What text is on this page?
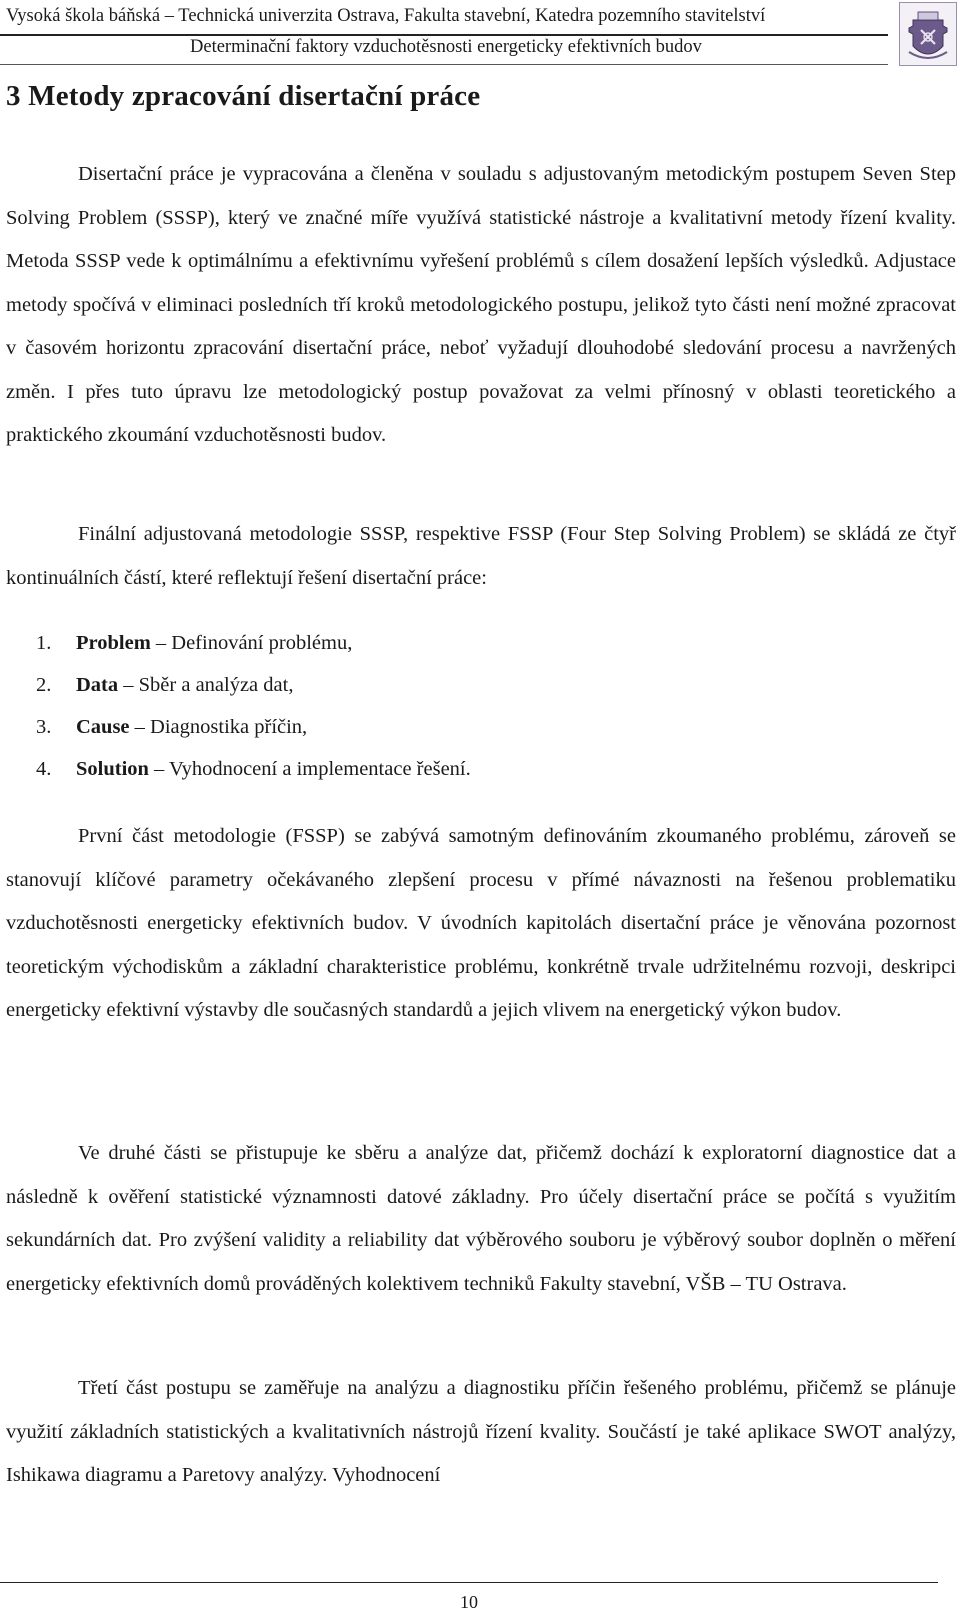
Vysoká škola báňská – Technická univerzita Ostrava, Fakulta stavební, Katedra pozemního stavitelství
Determinační faktory vzduchotěsnosti energeticky efektivních budov
3 Metody zpracování disertační práce

Disertační práce je vypracována a členěna v souladu s adjustovaným metodickým postupem Seven Step Solving Problem (SSSP), který ve značné míře využívá statistické nástroje a kvalitativní metody řízení kvality. Metoda SSSP vede k optimálnímu a efektivnímu vyřešení problémů s cílem dosažení lepších výsledků. Adjustace metody spočívá v eliminaci posledních tří kroků metodologického postupu, jelikož tyto části není možné zpracovat v časovém horizontu zpracování disertační práce, neboť vyžadují dlouhodobé sledování procesu a navržených změn. I přes tuto úpravu lze metodologický postup považovat za velmi přínosný v oblasti teoretického a praktického zkoumání vzduchotěsnosti budov.

Finální adjustovaná metodologie SSSP, respektive FSSP (Four Step Solving Problem) se skládá ze čtyř kontinuálních částí, které reflektují řešení disertační práce:

1.	Problem – Definování problému,
2.	Data – Sběr a analýza dat,
3.	Cause – Diagnostika příčin,
4.	Solution – Vyhodnocení a implementace řešení.

První část metodologie (FSSP) se zabývá samotným definováním zkoumaného problému, zároveň se stanovují klíčové parametry očekávaného zlepšení procesu v přímé návaznosti na řešenou problematiku vzduchotěsnosti energeticky efektivních budov. V úvodních kapitolách disertační práce je věnována pozornost teoretickým východiskům a základní charakteristice problému, konkrétně trvale udržitelnému rozvoji, deskripci energeticky efektivní výstavby dle současných standardů a jejich vlivem na energetický výkon budov.

Ve druhé části se přistupuje ke sběru a analýze dat, přičemž dochází k exploratorní diagnostice dat a následně k ověření statistické významnosti datové základny. Pro účely disertační práce se počítá s využitím sekundárních dat. Pro zvýšení validity a reliability dat výběrového souboru je výběrový soubor doplněn o měření energeticky efektivních domů prováděných kolektivem techniků Fakulty stavební, VŠB – TU Ostrava.

Třetí část postupu se zaměřuje na analýzu a diagnostiku příčin řešeného problému, přičemž se plánuje využití základních statistických a kvalitativních nástrojů řízení kvality. Součástí je také aplikace SWOT analýzy, Ishikawa diagramu a Paretovy analýzy. Vyhodnocení

10
